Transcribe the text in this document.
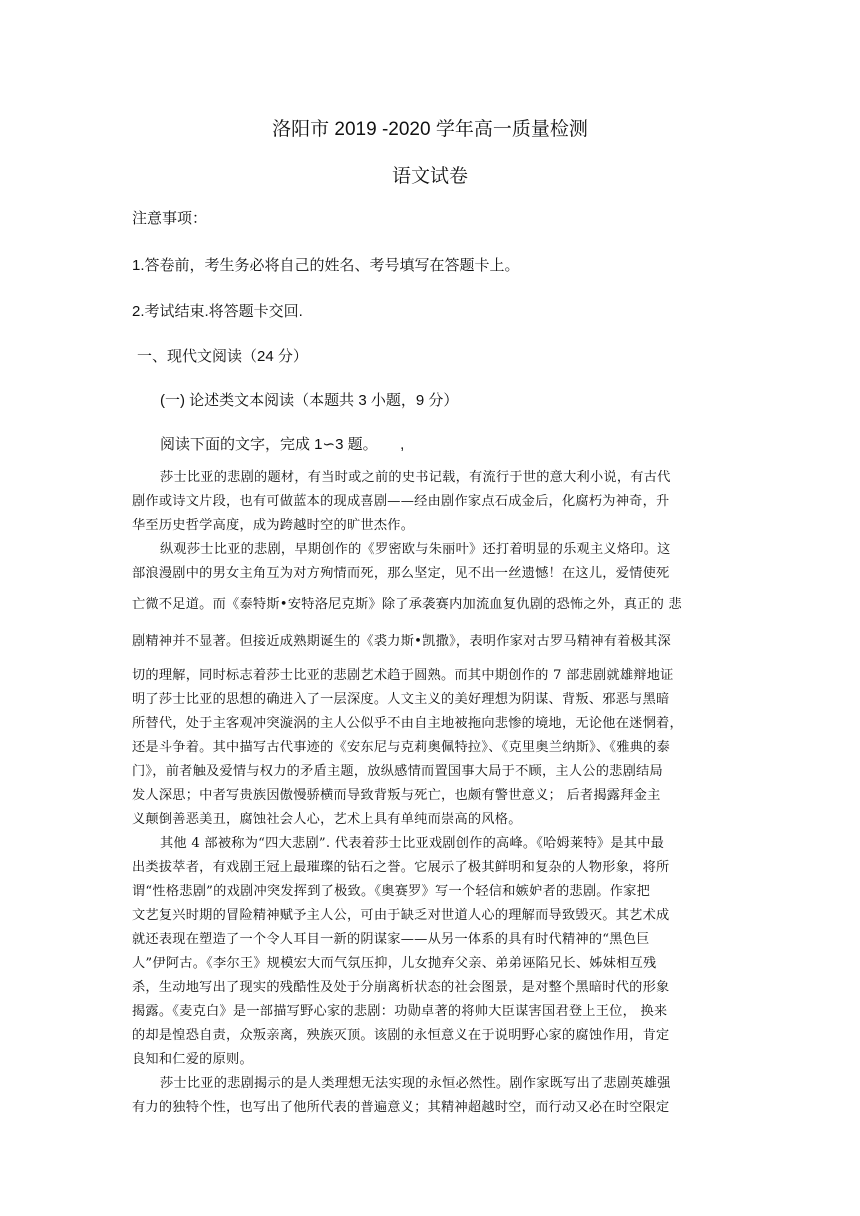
洛阳市 2019 -2020 学年高一质量检测
语文试卷
注意事项：
1.答卷前，考生务必将自己的姓名、考号填写在答题卡上。
2.考试结束.将答题卡交回.
一、现代文阅读（24 分）
(一) 论述类文本阅读（本题共 3 小题，9 分）
阅读下面的文字，完成 1∽3 题。　　,
莎士比亚的悲剧的题材，有当时或之前的史书记载，有流行于世的意大利小说，有古代
剧作或诗文片段，也有可做蓝本的现成喜剧——经由剧作家点石成金后，化腐朽为神奇，升
华至历史哲学高度，成为跨越时空的旷世杰作。
纵观莎士比亚的悲剧，早期创作的《罗密欧与朱丽叶》还打着明显的乐观主义烙印。这
部浪漫剧中的男女主角互为对方殉情而死，那么坚定，见不出一丝遗憾！在这儿，爱情使死
亡微不足道。而《泰特斯•安特洛尼克斯》除了承袭赛内加流血复仇剧的恐怖之外，真正的 悲
剧精神并不显著。但接近成熟期诞生的《裘力斯•凯撒》，表明作家对古罗马精神有着极其深
切的理解，同时标志着莎士比亚的悲剧艺术趋于圆熟。而其中期创作的 7 部悲剧就雄辩地证
明了莎士比亚的思想的确进入了一层深度。人文主义的美好理想为阴谋、背叛、邪恶与黑暗
所替代，处于主客观冲突漩涡的主人公似乎不由自主地被拖向悲惨的境地，无论他在迷惘着，
还是斗争着。其中描写古代事迹的《安东尼与克莉奥佩特拉》、《克里奥兰纳斯》、《雅典的泰
门》，前者触及爱情与权力的矛盾主题，放纵感情而置国事大局于不顾，主人公的悲剧结局
发人深思；中者写贵族因傲慢骄横而导致背叛与死亡，也颇有警世意义； 后者揭露拜金主
义颠倒善恶美丑，腐蚀社会人心，艺术上具有单纯而崇高的风格。
其他 4 部被称为“四大悲剧”. 代表着莎士比亚戏剧创作的高峰。《哈姆莱特》是其中最
出类拔萃者，有戏剧王冠上最璀璨的钻石之誉。它展示了极其鲜明和复杂的人物形象，将所
谓“性格悲剧”的戏剧冲突发挥到了极致。《奥赛罗》写一个轻信和嫉妒者的悲剧。作家把
文艺复兴时期的冒险精神赋予主人公，可由于缺乏对世道人心的理解而导致毁灭。其艺术成
就还表现在塑造了一个令人耳目一新的阴谋家——从另一体系的具有时代精神的“黑色巨
人”伊阿古。《李尔王》规模宏大而气氛压抑，儿女抛弃父亲、弟弟诬陷兄长、姊妹相互残
杀，生动地写出了现实的残酷性及处于分崩离析状态的社会图景，是对整个黑暗时代的形象
揭露。《麦克白》是一部描写野心家的悲剧：功勋卓著的将帅大臣谋害国君登上王位， 换来
的却是惶恐自责，众叛亲离，殃族灭顶。该剧的永恒意义在于说明野心家的腐蚀作用，肯定
良知和仁爱的原则。
莎士比亚的悲剧揭示的是人类理想无法实现的永恒必然性。剧作家既写出了悲剧英雄强
有力的独特个性，也写出了他所代表的普遍意义；其精神超越时空，而行动又必在时空限定
